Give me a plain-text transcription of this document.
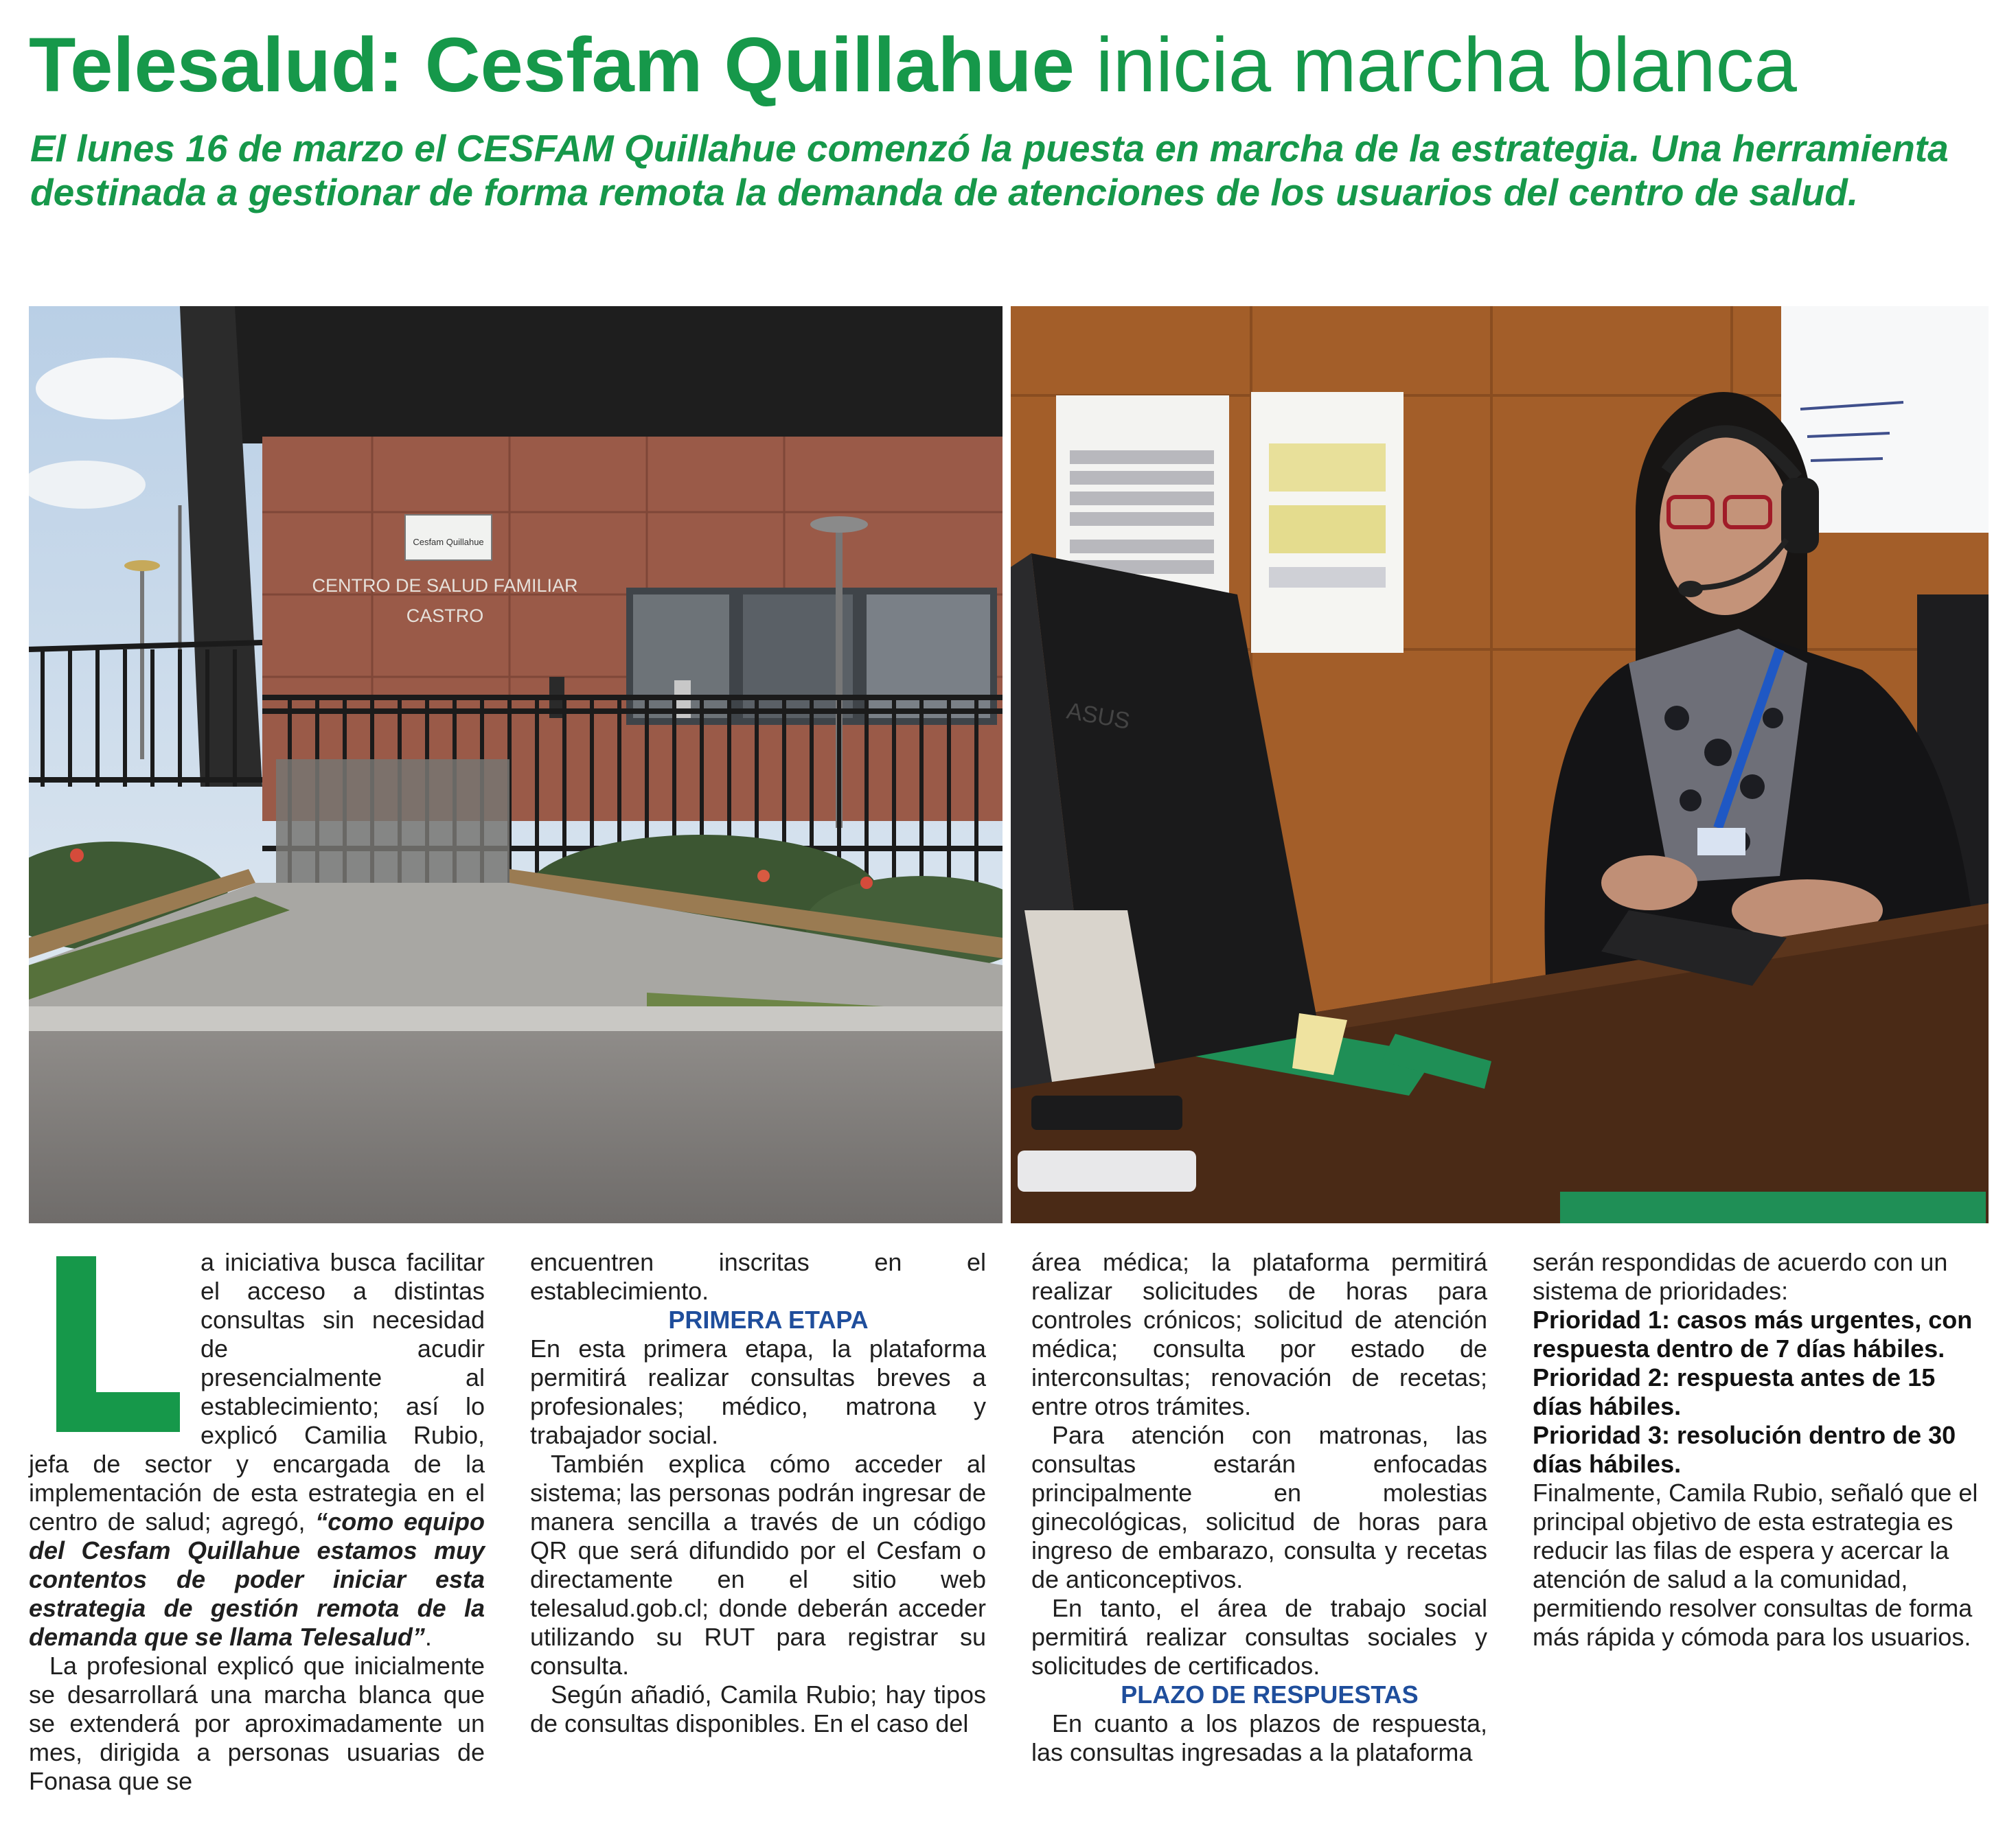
Telesalud: Cesfam Quillahue inicia marcha blanca
El lunes 16 de marzo el CESFAM Quillahue comenzó la puesta en marcha de la estrategia. Una herramienta destinada a gestionar de forma remota la demanda de atenciones de los usuarios del centro de salud.
Cesfam Quillahue
CENTRO DE SALUD FAMILIAR
CASTRO
ASUS

a iniciativa busca facilitar el acceso a distintas consultas sin necesidad de acudir presencialmente al establecimiento; así lo explicó Camilia Rubio, jefa de sector y encargada de la implementación de esta estrategia en el centro de salud; agregó, “como equipo del Cesfam Quillahue estamos muy contentos de poder iniciar esta estrategia de gestión remota de la demanda que se llama Telesalud”.

La profesional explicó que inicialmente se desarrollará una marcha blanca que se extenderá por aproximadamente un mes, dirigida a personas usuarias de Fonasa que se

encuentren inscritas en el establecimiento.

PRIMERA ETAPA

En esta primera etapa, la plataforma permitirá realizar consultas breves a profesionales; médico, matrona y trabajador social.

También explica cómo acceder al sistema; las personas podrán ingresar de manera sencilla a través de un código QR que será difundido por el Cesfam o directamente en el sitio web telesalud.gob.cl; donde deberán acceder utilizando su RUT para registrar su consulta.

Según añadió, Camila Rubio; hay tipos de consultas disponibles. En el caso del

área médica; la plataforma permitirá realizar solicitudes de horas para controles crónicos; solicitud de atención médica; consulta por estado de interconsultas; renovación de recetas; entre otros trámites.

Para atención con matronas, las consultas estarán enfocadas principalmente en molestias ginecológicas, solicitud de horas para ingreso de embarazo, consulta y recetas de anticonceptivos.

En tanto, el área de trabajo social permitirá realizar consultas sociales y solicitudes de certificados.

PLAZO DE RESPUESTAS

En cuanto a los plazos de respuesta, las consultas ingresadas a la plataforma

serán respondidas de acuerdo con un sistema de prioridades:

Prioridad 1: casos más urgentes, con respuesta dentro de 7 días hábiles.

Prioridad 2: respuesta antes de 15 días hábiles.

Prioridad 3: resolución dentro de 30 días hábiles.

Finalmente, Camila Rubio, señaló que el principal objetivo de esta estrategia es reducir las filas de espera y acercar la atención de salud a la comunidad, permitiendo resolver consultas de forma más rápida y cómoda para los usuarios.
